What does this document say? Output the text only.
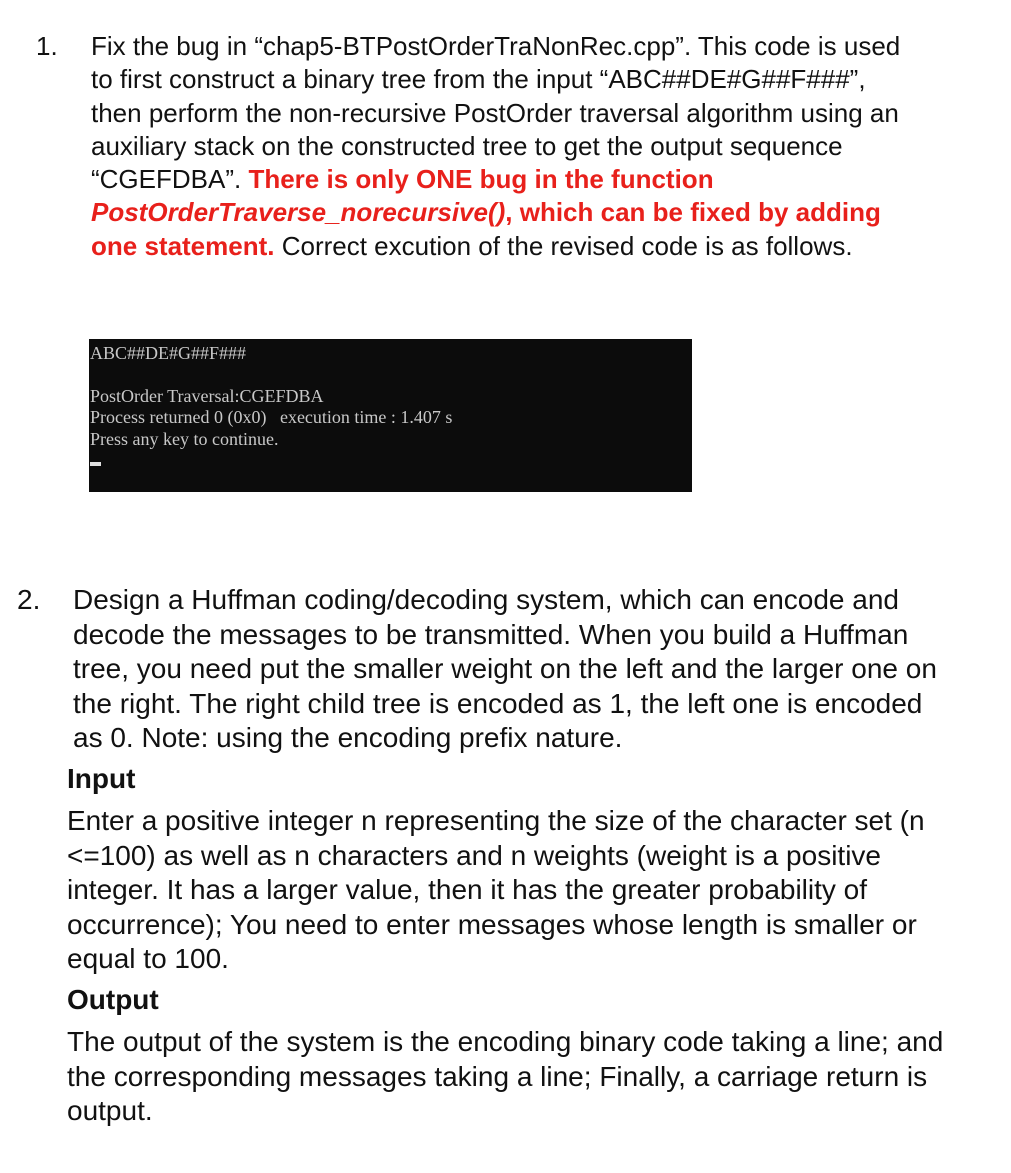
1. Fix the bug in “chap5-BTPostOrderTraNonRec.cpp”. This code is used to first construct a binary tree from the input “ABC##DE#G##F###”, then perform the non-recursive PostOrder traversal algorithm using an auxiliary stack on the constructed tree to get the output sequence “CGEFDBA”. There is only ONE bug in the function PostOrderTraverse_norecursive(), which can be fixed by adding one statement. Correct excution of the revised code is as follows.

ABC##DE#G##F###

PostOrder Traversal:CGEFDBA

Process returned 0 (0x0)   execution time : 1.407 s

Press any key to continue.

2. Design a Huffman coding/decoding system, which can encode and decode the messages to be transmitted. When you build a Huffman tree, you need put the smaller weight on the left and the larger one on the right. The right child tree is encoded as 1, the left one is encoded as 0. Note: using the encoding prefix nature.
Input
Enter a positive integer n representing the size of the character set (n <=100) as well as n characters and n weights (weight is a positive integer. It has a larger value, then it has the greater probability of occurrence); You need to enter messages whose length is smaller or equal to 100.
Output
The output of the system is the encoding binary code taking a line; and the corresponding messages taking a line; Finally, a carriage return is output.
